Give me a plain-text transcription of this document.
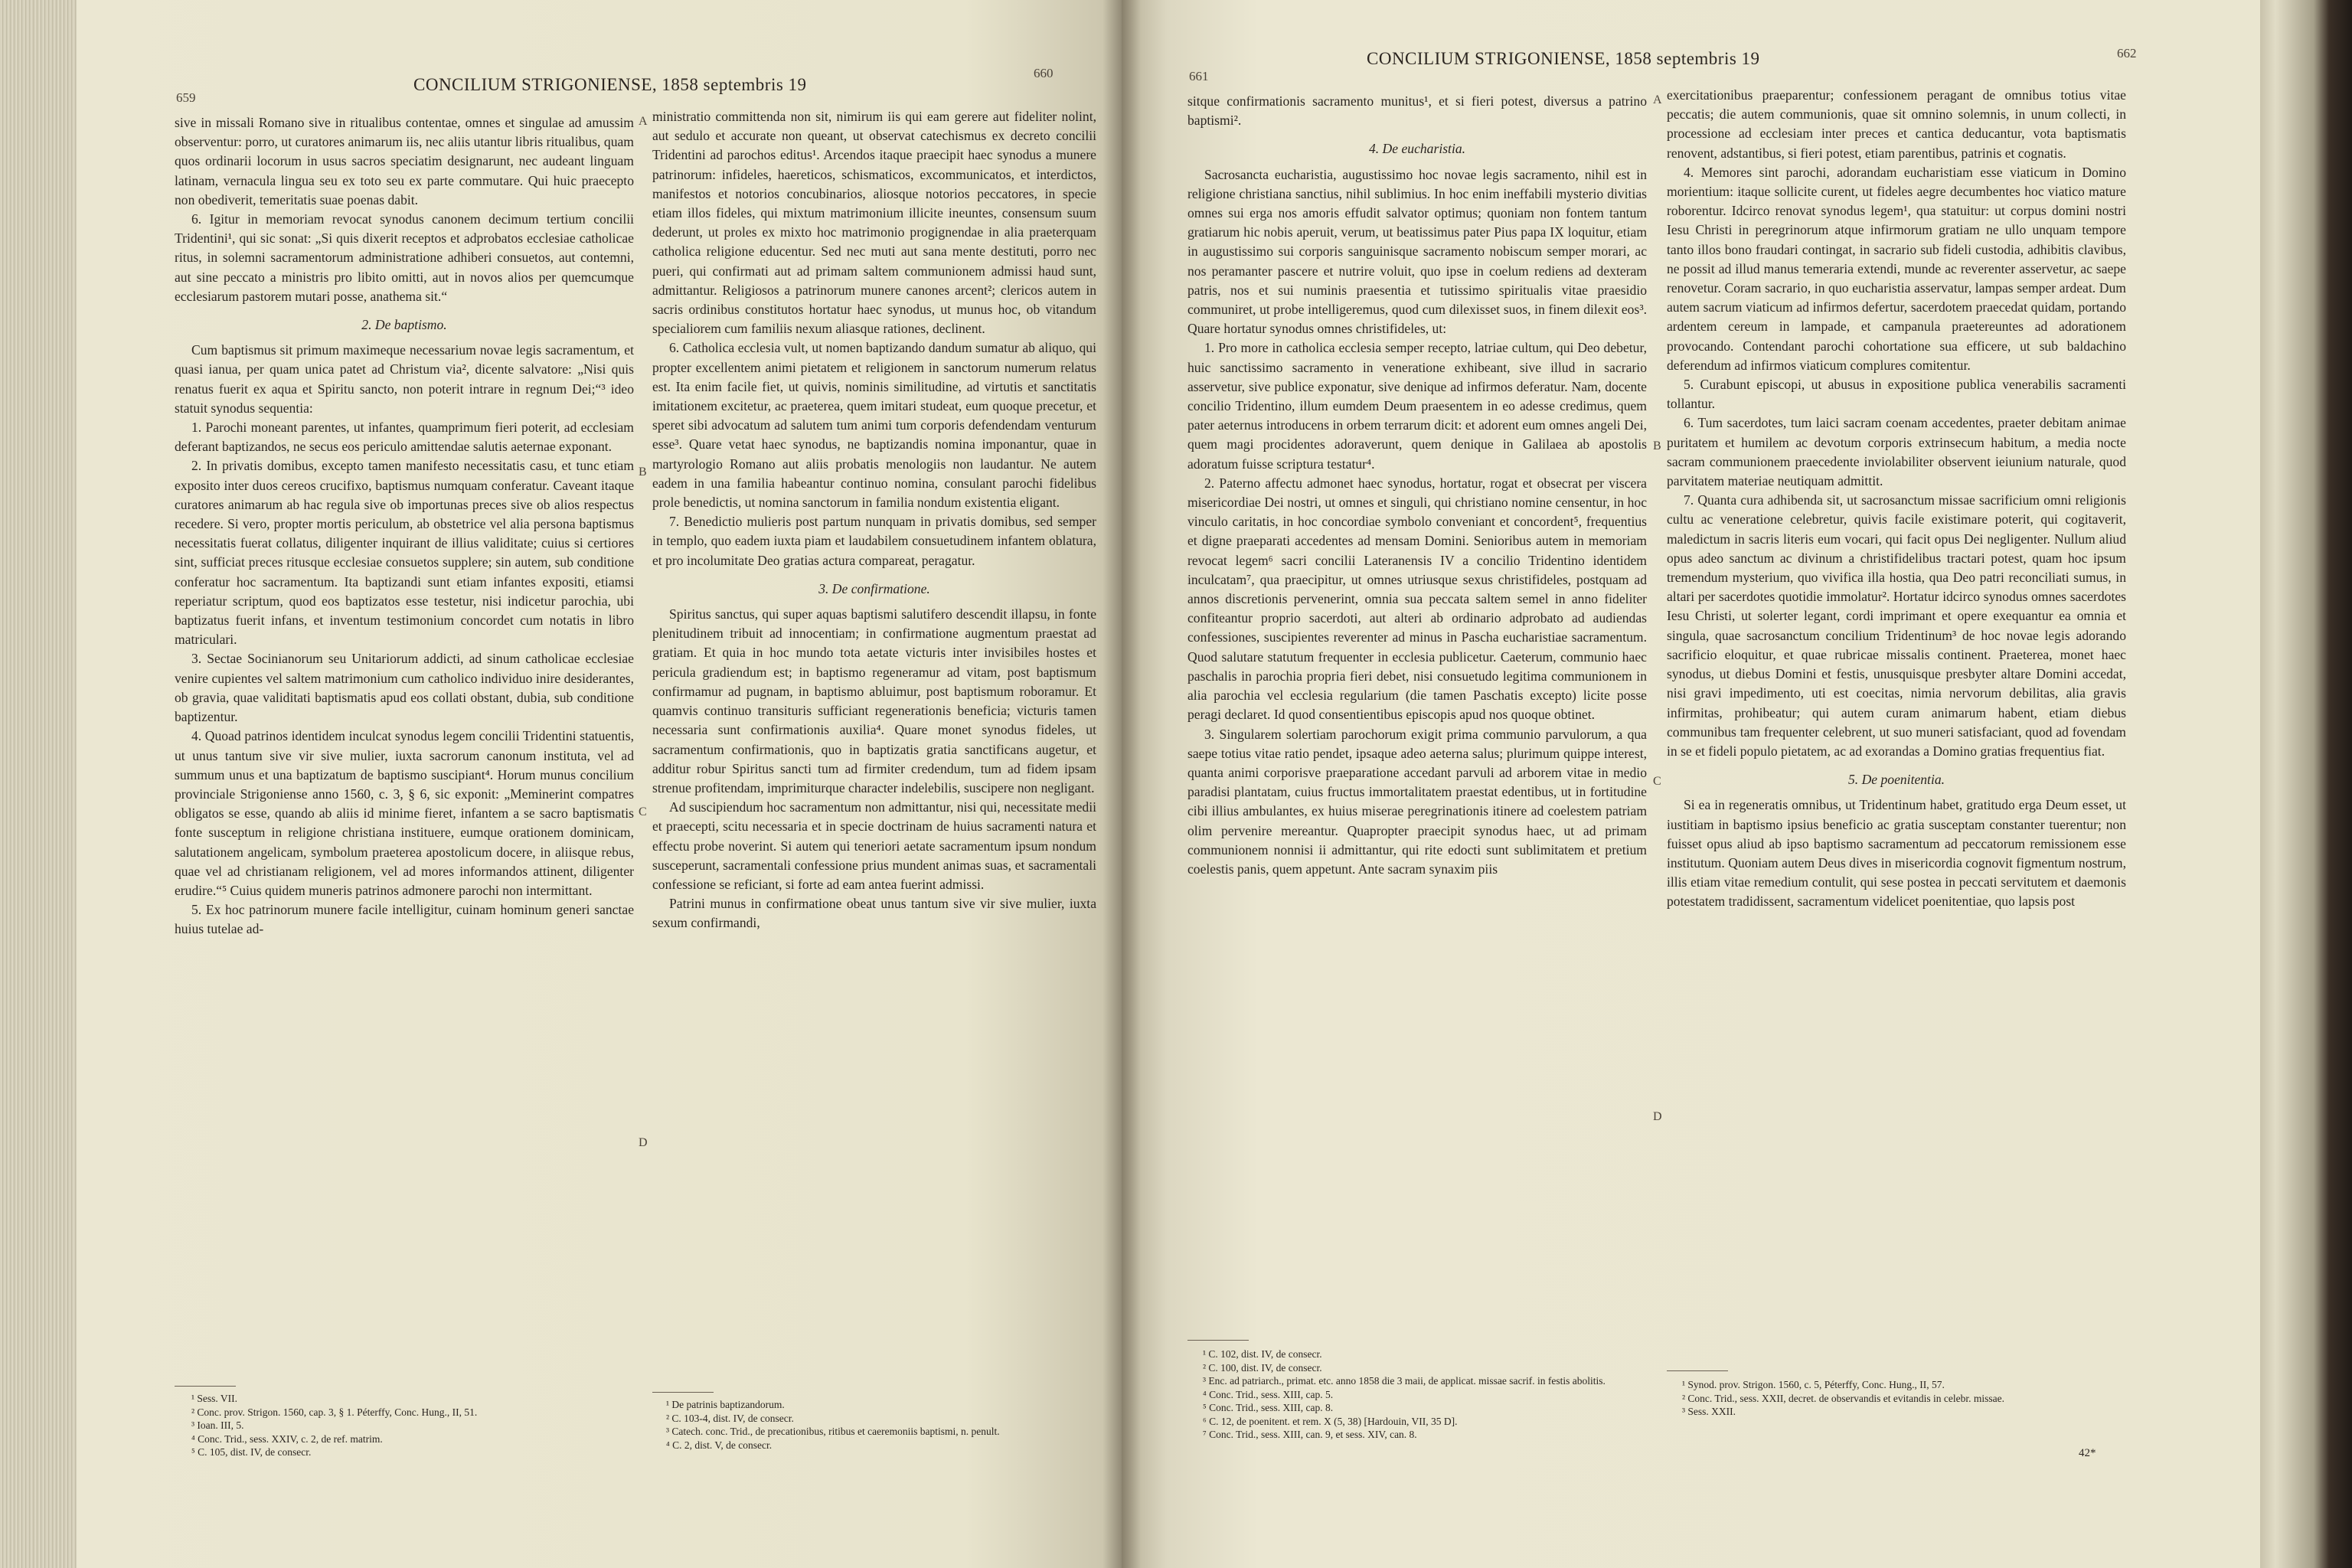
659
CONCILIUM STRIGONIENSE, 1858 septembris 19
660

sive in missali Romano sive in ritualibus contentae, omnes et singulae ad amussim observentur: porro, ut curatores animarum iis, nec aliis utantur libris ritualibus, quam quos ordinarii locorum in usus sacros speciatim designarunt, nec audeant linguam latinam, vernacula lingua seu ex toto seu ex parte commutare. Qui huic praecepto non obediverit, temeritatis suae poenas dabit.

6. Igitur in memoriam revocat synodus canonem decimum tertium concilii Tridentini¹, qui sic sonat: „Si quis dixerit receptos et adprobatos ecclesiae catholicae ritus, in solemni sacramentorum administratione adhiberi consuetos, aut contemni, aut sine peccato a ministris pro libito omitti, aut in novos alios per quemcumque ecclesiarum pastorem mutari posse, anathema sit.“

2. De baptismo.

Cum baptismus sit primum maximeque necessarium novae legis sacramentum, et quasi ianua, per quam unica patet ad Christum via², dicente salvatore: „Nisi quis renatus fuerit ex aqua et Spiritu sancto, non poterit intrare in regnum Dei;“³ ideo statuit synodus sequentia:

1. Parochi moneant parentes, ut infantes, quamprimum fieri poterit, ad ecclesiam deferant baptizandos, ne secus eos periculo amittendae salutis aeternae exponant.

2. In privatis domibus, excepto tamen manifesto necessitatis casu, et tunc etiam exposito inter duos cereos crucifixo, baptismus numquam conferatur. Caveant itaque curatores animarum ab hac regula sive ob importunas preces sive ob alios respectus recedere. Si vero, propter mortis periculum, ab obstetrice vel alia persona baptismus necessitatis fuerat collatus, diligenter inquirant de illius validitate; cuius si certiores sint, sufficiat preces ritusque ecclesiae consuetos supplere; sin autem, sub conditione conferatur hoc sacramentum. Ita baptizandi sunt etiam infantes expositi, etiamsi reperiatur scriptum, quod eos baptizatos esse testetur, nisi indicetur parochia, ubi baptizatus fuerit infans, et inventum testimonium concordet cum notatis in libro matriculari.

3. Sectae Socinianorum seu Unitariorum addicti, ad sinum catholicae ecclesiae venire cupientes vel saltem matrimonium cum catholico individuo inire desiderantes, ob gravia, quae validitati baptismatis apud eos collati obstant, dubia, sub conditione baptizentur.

4. Quoad patrinos identidem inculcat synodus legem concilii Tridentini statuentis, ut unus tantum sive vir sive mulier, iuxta sacrorum canonum instituta, vel ad summum unus et una baptizatum de baptismo suscipiant⁴. Horum munus concilium provinciale Strigoniense anno 1560, c. 3, § 6, sic exponit: „Meminerint compatres obligatos se esse, quando ab aliis id minime fieret, infantem a se sacro baptismatis fonte susceptum in religione christiana instituere, eumque orationem dominicam, salutationem angelicam, symbolum praeterea apostolicum docere, in aliisque rebus, quae vel ad christianam religionem, vel ad mores informandos attinent, diligenter erudire.“⁵ Cuius quidem muneris patrinos admonere parochi non intermittant.

5. Ex hoc patrinorum munere facile intelligitur, cuinam hominum generi sanctae huius tutelae ad-

¹ Sess. VII.
² Conc. prov. Strigon. 1560, cap. 3, § 1. Péterffy, Conc. Hung., II, 51.
³ Ioan. III, 5.
⁴ Conc. Trid., sess. XXIV, c. 2, de ref. matrim.
⁵ C. 105, dist. IV, de consecr.
A
B
C
D

ministratio committenda non sit, nimirum iis qui eam gerere aut fideliter nolint, aut sedulo et accurate non queant, ut observat catechismus ex decreto concilii Tridentini ad parochos editus¹. Arcendos itaque praecipit haec synodus a munere patrinorum: infideles, haereticos, schismaticos, excommunicatos, et interdictos, manifestos et notorios concubinarios, aliosque notorios peccatores, in specie etiam illos fideles, qui mixtum matrimonium illicite ineuntes, consensum suum dederunt, ut proles ex mixto hoc matrimonio progignendae in alia praeterquam catholica religione educentur. Sed nec muti aut sana mente destituti, porro nec pueri, qui confirmati aut ad primam saltem communionem admissi haud sunt, admittantur. Religiosos a patrinorum munere canones arcent²; clericos autem in sacris ordinibus constitutos hortatur haec synodus, ut munus hoc, ob vitandum specialiorem cum familiis nexum aliasque rationes, declinent.

6. Catholica ecclesia vult, ut nomen baptizando dandum sumatur ab aliquo, qui propter excellentem animi pietatem et religionem in sanctorum numerum relatus est. Ita enim facile fiet, ut quivis, nominis similitudine, ad virtutis et sanctitatis imitationem excitetur, ac praeterea, quem imitari studeat, eum quoque precetur, et speret sibi advocatum ad salutem tum animi tum corporis defendendam venturum esse³. Quare vetat haec synodus, ne baptizandis nomina imponantur, quae in martyrologio Romano aut aliis probatis menologiis non laudantur. Ne autem eadem in una familia habeantur continuo nomina, consulant parochi fidelibus prole benedictis, ut nomina sanctorum in familia nondum existentia eligant.

7. Benedictio mulieris post partum nunquam in privatis domibus, sed semper in templo, quo eadem iuxta piam et laudabilem consuetudinem infantem oblatura, et pro incolumitate Deo gratias actura compareat, peragatur.

3. De confirmatione.

Spiritus sanctus, qui super aquas baptismi salutifero descendit illapsu, in fonte plenitudinem tribuit ad innocentiam; in confirmatione augmentum praestat ad gratiam. Et quia in hoc mundo tota aetate victuris inter invisibiles hostes et pericula gradiendum est; in baptismo regeneramur ad vitam, post baptismum confirmamur ad pugnam, in baptismo abluimur, post baptismum roboramur. Et quamvis continuo transituris sufficiant regenerationis beneficia; victuris tamen necessaria sunt confirmationis auxilia⁴. Quare monet synodus fideles, ut sacramentum confirmationis, quo in baptizatis gratia sanctificans augetur, et additur robur Spiritus sancti tum ad firmiter credendum, tum ad fidem ipsam strenue profitendam, imprimiturque character indelebilis, suscipere non negligant.

Ad suscipiendum hoc sacramentum non admittantur, nisi qui, necessitate medii et praecepti, scitu necessaria et in specie doctrinam de huius sacramenti natura et effectu probe noverint. Si autem qui teneriori aetate sacramentum ipsum nondum susceperunt, sacramentali confessione prius mundent animas suas, et sacramentali confessione se reficiant, si forte ad eam antea fuerint admissi.

Patrini munus in confirmatione obeat unus tantum sive vir sive mulier, iuxta sexum confirmandi,

¹ De patrinis baptizandorum.
² C. 103-4, dist. IV, de consecr.
³ Catech. conc. Trid., de precationibus, ritibus et caeremoniis baptismi, n. penult.
⁴ C. 2, dist. V, de consecr.
661
CONCILIUM STRIGONIENSE, 1858 septembris 19	662

sitque confirmationis sacramento munitus¹, et si fieri potest, diversus a patrino baptismi².

4. De eucharistia.

Sacrosancta eucharistia, augustissimo hoc novae legis sacramento, nihil est in religione christiana sanctius, nihil sublimius. In hoc enim ineffabili mysterio divitias omnes sui erga nos amoris effudit salvator optimus; quoniam non fontem tantum gratiarum hic nobis aperuit, verum, ut beatissimus pater Pius papa IX loquitur, etiam in augustissimo sui corporis sanguinisque sacramento nobiscum semper morari, ac nos peramanter pascere et nutrire voluit, quo ipse in coelum rediens ad dexteram patris, nos et sui numinis praesentia et tutissimo spiritualis vitae praesidio communiret, ut probe intelligeremus, quod cum dilexisset suos, in finem dilexit eos³. Quare hortatur synodus omnes christifideles, ut:

1. Pro more in catholica ecclesia semper recepto, latriae cultum, qui Deo debetur, huic sanctissimo sacramento in veneratione exhibeant, sive illud in sacrario asservetur, sive publice exponatur, sive denique ad infirmos deferatur. Nam, docente concilio Tridentino, illum eumdem Deum praesentem in eo adesse credimus, quem pater aeternus introducens in orbem terrarum dicit: et adorent eum omnes angeli Dei, quem magi procidentes adoraverunt, quem denique in Galilaea ab apostolis adoratum fuisse scriptura testatur⁴.

2. Paterno affectu admonet haec synodus, hortatur, rogat et obsecrat per viscera misericordiae Dei nostri, ut omnes et singuli, qui christiano nomine censentur, in hoc vinculo caritatis, in hoc concordiae symbolo conveniant et concordent⁵, frequentius et digne praeparati accedentes ad mensam Domini. Senioribus autem in memoriam revocat legem⁶ sacri concilii Lateranensis IV a concilio Tridentino identidem inculcatam⁷, qua praecipitur, ut omnes utriusque sexus christifideles, postquam ad annos discretionis pervenerint, omnia sua peccata saltem semel in anno fideliter confiteantur proprio sacerdoti, aut alteri ab ordinario adprobato ad audiendas confessiones, suscipientes reverenter ad minus in Pascha eucharistiae sacramentum. Quod salutare statutum frequenter in ecclesia publicetur. Caeterum, communio haec paschalis in parochia propria fieri debet, nisi consuetudo legitima communionem in alia parochia vel ecclesia regularium (die tamen Paschatis excepto) licite posse peragi declaret. Id quod consentientibus episcopis apud nos quoque obtinet.

3. Singularem solertiam parochorum exigit prima communio parvulorum, a qua saepe totius vitae ratio pendet, ipsaque adeo aeterna salus; plurimum quippe interest, quanta animi corporisve praeparatione accedant parvuli ad arborem vitae in medio paradisi plantatam, cuius fructus immortalitatem praestat edentibus, ut in fortitudine cibi illius ambulantes, ex huius miserae peregrinationis itinere ad coelestem patriam olim pervenire mereantur. Quapropter praecipit synodus haec, ut ad primam communionem nonnisi ii admittantur, qui rite edocti sunt sublimitatem et pretium coelestis panis, quem appetunt. Ante sacram synaxim piis

¹ C. 102, dist. IV, de consecr.
² C. 100, dist. IV, de consecr.
³ Enc. ad patriarch., primat. etc. anno 1858 die 3 maii, de applicat. missae sacrif. in festis abolitis.
⁴ Conc. Trid., sess. XIII, cap. 5.
⁵ Conc. Trid., sess. XIII, cap. 8.
⁶ C. 12, de poenitent. et rem. X (5, 38) [Hardouin, VII, 35 D].
⁷ Conc. Trid., sess. XIII, can. 9, et sess. XIV, can. 8.
A
B
C
D

exercitationibus praeparentur; confessionem peragant de omnibus totius vitae peccatis; die autem communionis, quae sit omnino solemnis, in unum collecti, in processione ad ecclesiam inter preces et cantica deducantur, vota baptismatis renovent, adstantibus, si fieri potest, etiam parentibus, patrinis et cognatis.

4. Memores sint parochi, adorandam eucharistiam esse viaticum in Domino morientium: itaque sollicite curent, ut fideles aegre decumbentes hoc viatico mature roborentur. Idcirco renovat synodus legem¹, qua statuitur: ut corpus domini nostri Iesu Christi in peregrinorum atque infirmorum gratiam ne ullo unquam tempore tanto illos bono fraudari contingat, in sacrario sub fideli custodia, adhibitis clavibus, ne possit ad illud manus temeraria extendi, munde ac reverenter asservetur, ac saepe renovetur. Coram sacrario, in quo eucharistia asservatur, lampas semper ardeat. Dum autem sacrum viaticum ad infirmos defertur, sacerdotem praecedat quidam, portando ardentem cereum in lampade, et campanula praetereuntes ad adorationem provocando. Contendant parochi cohortatione sua efficere, ut sub baldachino deferendum ad infirmos viaticum complures comitentur.

5. Curabunt episcopi, ut abusus in expositione publica venerabilis sacramenti tollantur.

6. Tum sacerdotes, tum laici sacram coenam accedentes, praeter debitam animae puritatem et humilem ac devotum corporis extrinsecum habitum, a media nocte sacram communionem praecedente inviolabiliter observent ieiunium naturale, quod parvitatem materiae neutiquam admittit.

7. Quanta cura adhibenda sit, ut sacrosanctum missae sacrificium omni religionis cultu ac veneratione celebretur, quivis facile existimare poterit, qui cogitaverit, maledictum in sacris literis eum vocari, qui facit opus Dei negligenter. Nullum aliud opus adeo sanctum ac divinum a christifidelibus tractari potest, quam hoc ipsum tremendum mysterium, quo vivifica illa hostia, qua Deo patri reconciliati sumus, in altari per sacerdotes quotidie immolatur². Hortatur idcirco synodus omnes sacerdotes Iesu Christi, ut solerter legant, cordi imprimant et opere exequantur ea omnia et singula, quae sacrosanctum concilium Tridentinum³ de hoc novae legis adorando sacrificio eloquitur, et quae rubricae missalis continent. Praeterea, monet haec synodus, ut diebus Domini et festis, unusquisque presbyter altare Domini accedat, nisi gravi impedimento, uti est coecitas, nimia nervorum debilitas, alia gravis infirmitas, prohibeatur; qui autem curam animarum habent, etiam diebus communibus tam frequenter celebrent, ut suo muneri satisfaciant, quod ad fovendam in se et fideli populo pietatem, ac ad exorandas a Domino gratias frequentius fiat.

5. De poenitentia.

Si ea in regeneratis omnibus, ut Tridentinum habet, gratitudo erga Deum esset, ut iustitiam in baptismo ipsius beneficio ac gratia susceptam constanter tuerentur; non fuisset opus aliud ab ipso baptismo sacramentum ad peccatorum remissionem esse institutum. Quoniam autem Deus dives in misericordia cognovit figmentum nostrum, illis etiam vitae remedium contulit, qui sese postea in peccati servitutem et daemonis potestatem tradidissent, sacramentum videlicet poenitentiae, quo lapsis post

¹ Synod. prov. Strigon. 1560, c. 5, Péterffy, Conc. Hung., II, 57.
² Conc. Trid., sess. XXII, decret. de observandis et evitandis in celebr. missae.
³ Sess. XXII.
42*
